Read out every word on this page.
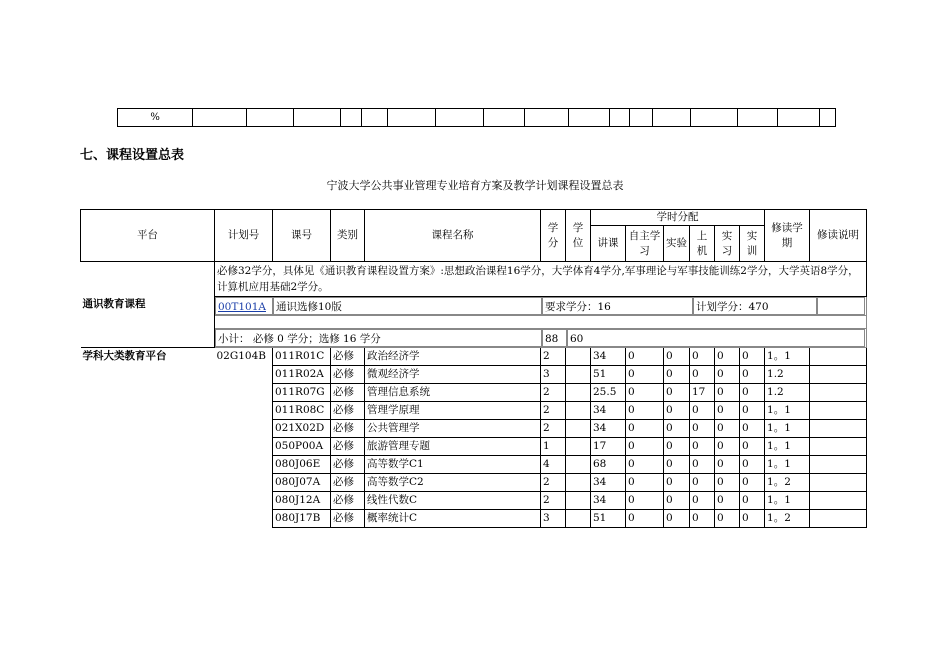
%																	
七、课程设置总表
宁波大学公共事业管理专业培育方案及教学计划课程设置总表
平台	计划号	课号	类别	课程名称	学分	学位	学时分配						修读学期	修读说明
							讲课	自主学习	实验	上机	实习	实训		
通识教育课程	必修32学分，具体见《通识教育课程设置方案》:思想政治课程16学分，大学体育4学分,军事理论与军事技能训练2学分，大学英语8学分，计算机应用基础2学分。													

	00T101A 通识选修10版 要求学分：16 计划学分：470													

	小计： 必修 0 学分；选修 16 学分 88 60													

学科大类教育平台	02G104B	011R01C	必修	政治经济学	2		34	0	0	0	0	0	1。1	
		011R02A	必修	微观经济学	3		51	0	0	0	0	0	1.2	
		011R07G	必修	管理信息系统	2		25.5	0	0	17	0	0	1.2	
		011R08C	必修	管理学原理	2		34	0	0	0	0	0	1。1	
		021X02D	必修	公共管理学	2		34	0	0	0	0	0	1。1	
		050P00A	必修	旅游管理专题	1		17	0	0	0	0	0	1。1	
		080J06E	必修	高等数学C1	4		68	0	0	0	0	0	1。1	
		080J07A	必修	高等数学C2	2		34	0	0	0	0	0	1。2	
		080J12A	必修	线性代数C	2		34	0	0	0	0	0	1。1	
		080J17B	必修	概率统计C	3		51	0	0	0	0	0	1。2	
